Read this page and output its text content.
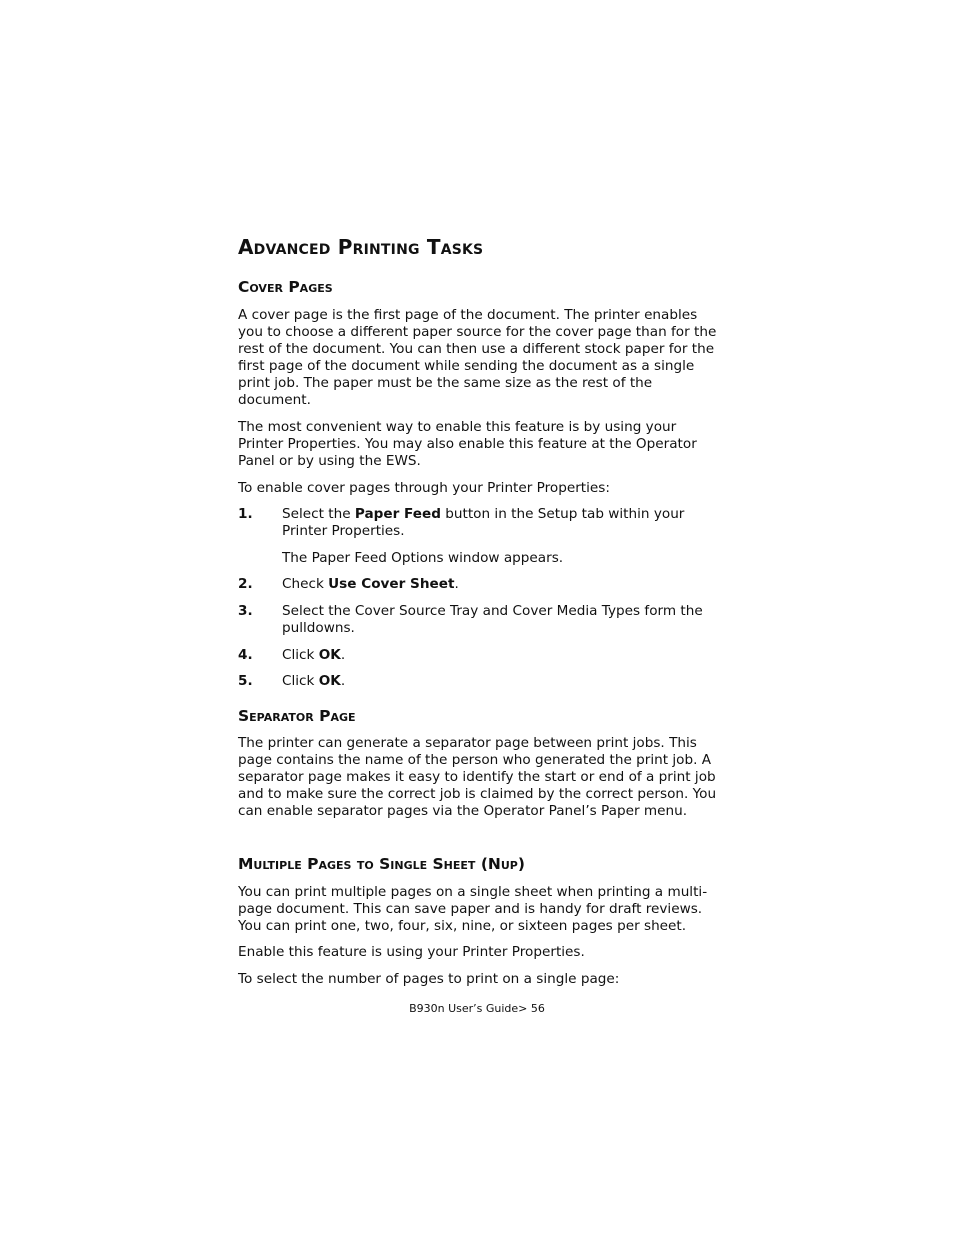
Advanced Printing Tasks
Cover Pages

A cover page is the first page of the document. The printer enables you to choose a different paper source for the cover page than for the rest of the document. You can then use a different stock paper for the first page of the document while sending the document as a single print job. The paper must be the same size as the rest of the document.

The most convenient way to enable this feature is by using your Printer Properties. You may also enable this feature at the Operator Panel or by using the EWS.

To enable cover pages through your Printer Properties:

1. Select the Paper Feed button in the Setup tab within your Printer Properties.

The Paper Feed Options window appears.

2. Check Use Cover Sheet.
3. Select the Cover Source Tray and Cover Media Types form the pulldowns.
4. Click OK.
5. Click OK.
Separator Page

The printer can generate a separator page between print jobs. This page contains the name of the person who generated the print job. A separator page makes it easy to identify the start or end of a print job and to make sure the correct job is claimed by the correct person. You can enable separator pages via the Operator Panel’s Paper menu.

Multiple Pages to Single Sheet (Nup)

You can print multiple pages on a single sheet when printing a multi-page document. This can save paper and is handy for draft reviews. You can print one, two, four, six, nine, or sixteen pages per sheet.

Enable this feature is using your Printer Properties.

To select the number of pages to print on a single page:

B930n User’s Guide> 56
